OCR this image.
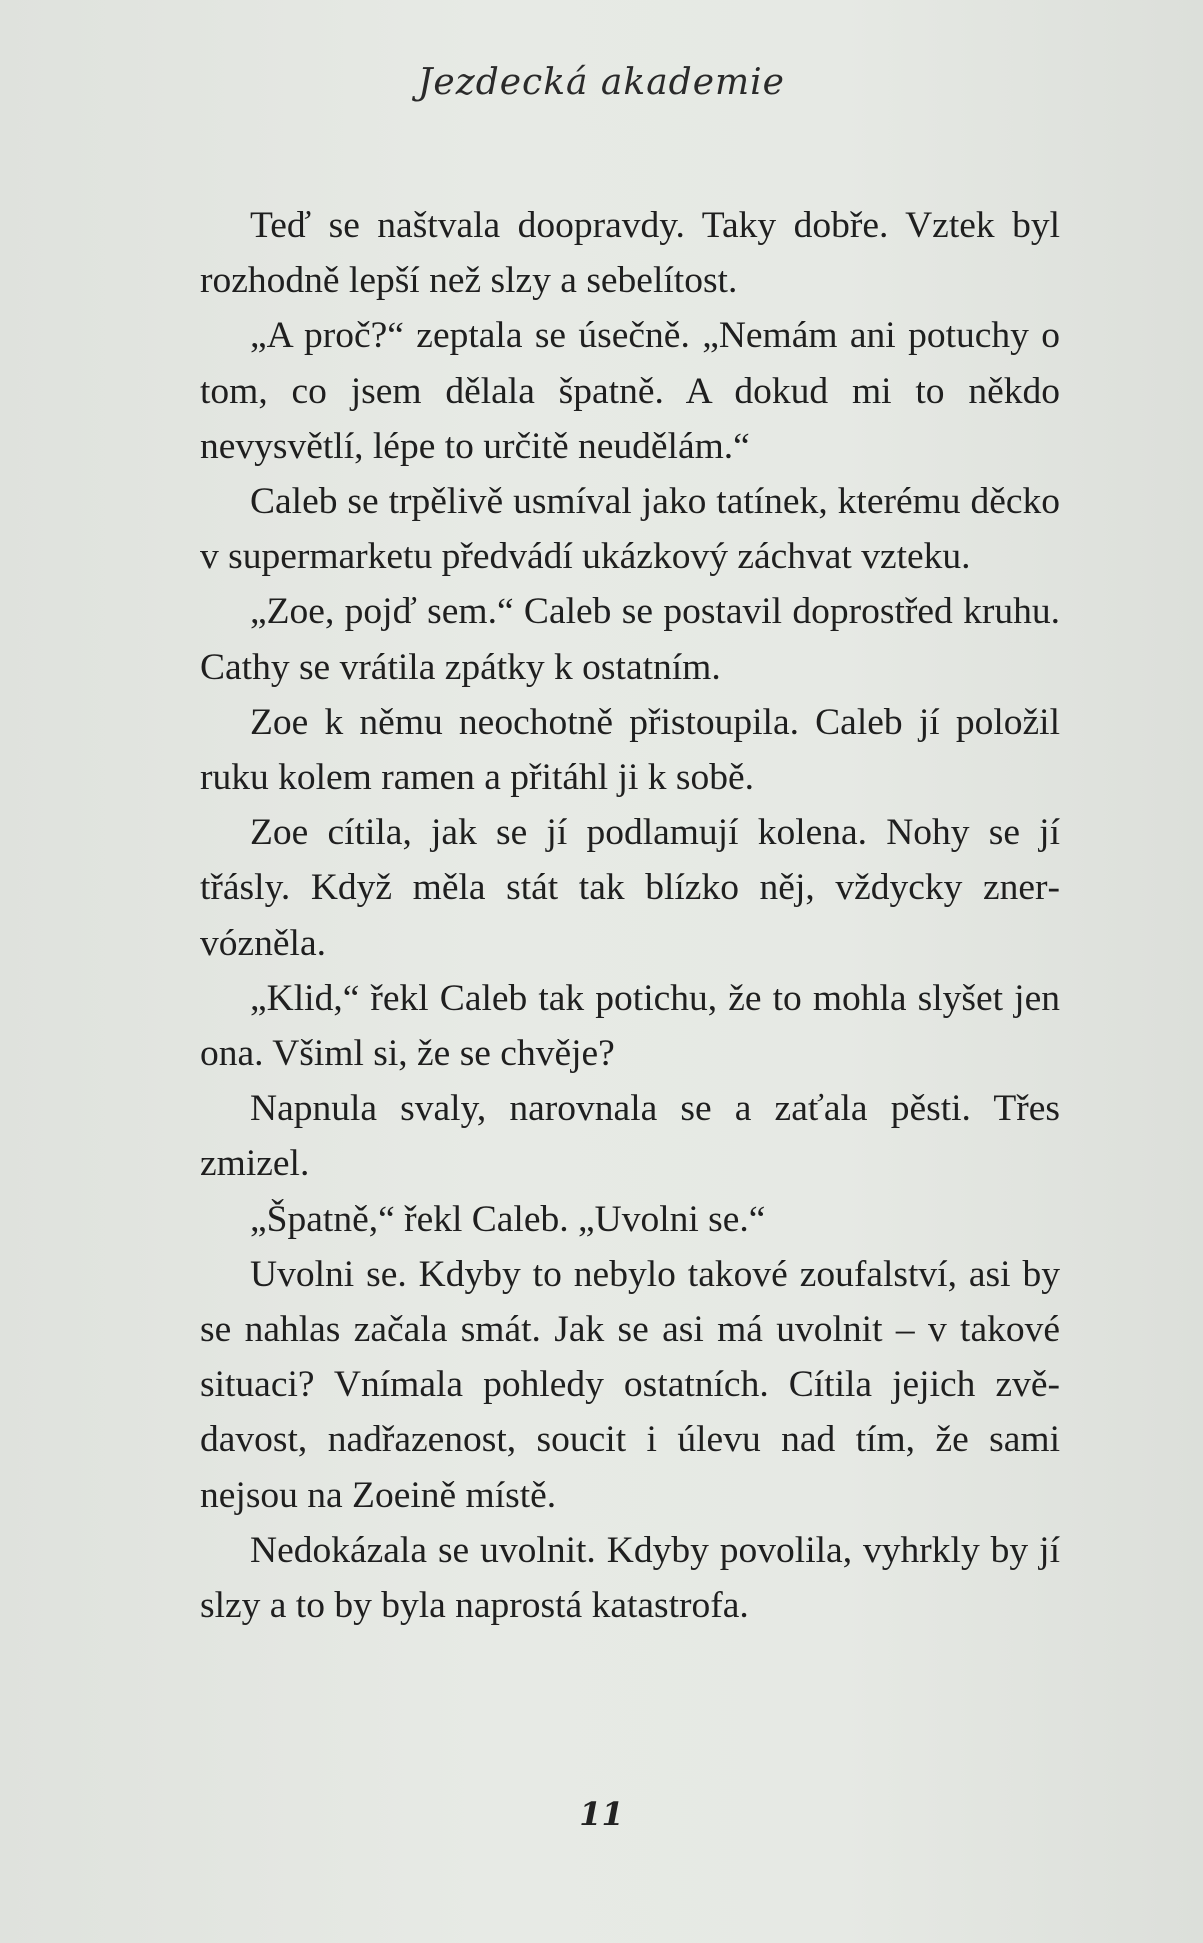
Jezdecká akademie

Teď se naštvala doopravdy. Taky dobře. Vztek byl rozhodně lepší než slzy a sebelítost.

„A proč?“ zeptala se úsečně. „Nemám ani potuchy o tom, co jsem dělala špatně. A dokud mi to někdo nevysvětlí, lépe to určitě neudělám.“

Caleb se trpělivě usmíval jako tatínek, kterému děcko v supermarketu předvádí ukázkový záchvat vzteku.

„Zoe, pojď sem.“ Caleb se postavil doprostřed kruhu. Cathy se vrátila zpátky k ostatním.

Zoe k němu neochotně přistoupila. Caleb jí položil ruku kolem ramen a přitáhl ji k sobě.

Zoe cítila, jak se jí podlamují kolena. Nohy se jí třásly. Když měla stát tak blízko něj, vždycky znervózněla.

„Klid,“ řekl Caleb tak potichu, že to mohla slyšet jen ona. Všiml si, že se chvěje?

Napnula svaly, narovnala se a zaťala pěsti. Třes zmizel.

„Špatně,“ řekl Caleb. „Uvolni se.“

Uvolni se. Kdyby to nebylo takové zoufalství, asi by se nahlas začala smát. Jak se asi má uvolnit – v takové situaci? Vnímala pohledy ostatních. Cítila jejich zvědavost, nadřazenost, soucit i úlevu nad tím, že sami nejsou na Zoeině místě.

Nedokázala se uvolnit. Kdyby povolila, vyhrkly by jí slzy a to by byla naprostá katastrofa.

11
